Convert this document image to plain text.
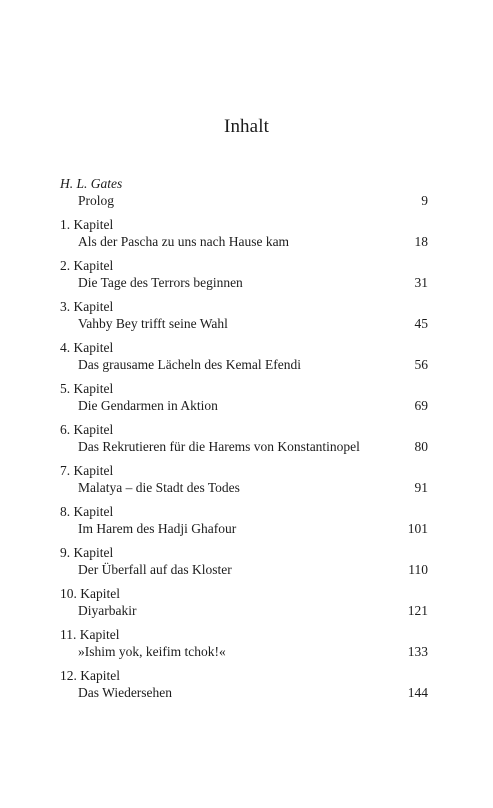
Inhalt
H. L. Gates
Prolog	9
1. Kapitel
Als der Pascha zu uns nach Hause kam	18
2. Kapitel
Die Tage des Terrors beginnen	31
3. Kapitel
Vahby Bey trifft seine Wahl	45
4. Kapitel
Das grausame Lächeln des Kemal Efendi	56
5. Kapitel
Die Gendarmen in Aktion	69
6. Kapitel
Das Rekrutieren für die Harems von Konstantinopel	80
7. Kapitel
Malatya – die Stadt des Todes	91
8. Kapitel
Im Harem des Hadji Ghafour	101
9. Kapitel
Der Überfall auf das Kloster	110
10. Kapitel
Diyarbakir	121
11. Kapitel
»Ishim yok, keifim tchok!«	133
12. Kapitel
Das Wiedersehen	144
